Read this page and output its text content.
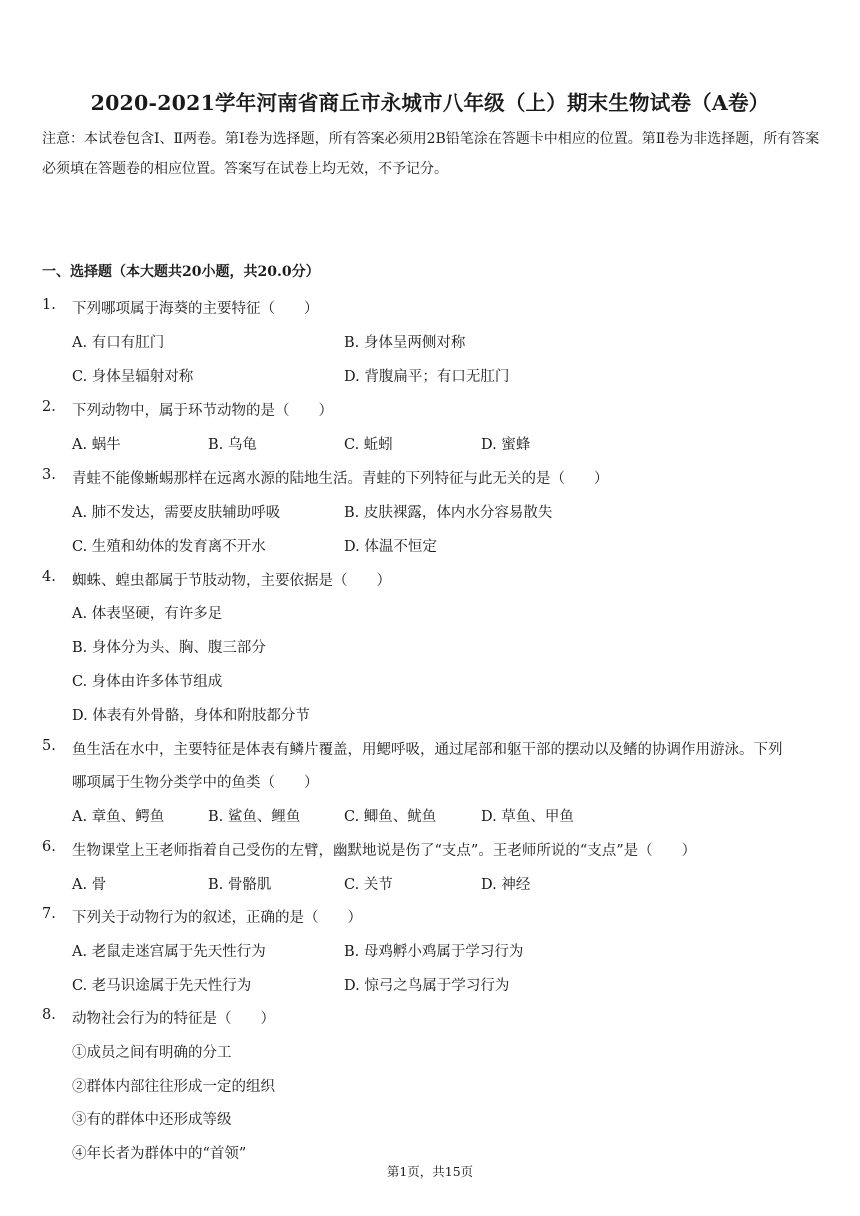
2020-2021学年河南省商丘市永城市八年级（上）期末生物试卷（A卷）
注意：本试卷包含Ⅰ、Ⅱ两卷。第Ⅰ卷为选择题，所有答案必须用2B铅笔涂在答题卡中相应的位置。第Ⅱ卷为非选择题，所有答案必须填在答题卷的相应位置。答案写在试卷上均无效，不予记分。
一、选择题（本大题共20小题，共20.0分）
1. 下列哪项属于海葵的主要特征（　　）
A. 有口有肛门	B. 身体呈两侧对称
C. 身体呈辐射对称	D. 背腹扁平；有口无肛门
2. 下列动物中，属于环节动物的是（　　）
A. 蜗牛	B. 乌龟	C. 蚯蚓	D. 蜜蜂
3. 青蛙不能像蜥蜴那样在远离水源的陆地生活。青蛙的下列特征与此无关的是（　　）
A. 肺不发达，需要皮肤辅助呼吸	B. 皮肤裸露，体内水分容易散失
C. 生殖和幼体的发育离不开水	D. 体温不恒定
4. 蜘蛛、蝗虫都属于节肢动物，主要依据是（　　）
A. 体表坚硬，有许多足
B. 身体分为头、胸、腹三部分
C. 身体由许多体节组成
D. 体表有外骨骼，身体和附肢都分节
5. 鱼生活在水中，主要特征是体表有鳞片覆盖，用鳃呼吸，通过尾部和躯干部的摆动以及鳍的协调作用游泳。下列
哪项属于生物分类学中的鱼类（　　）
A. 章鱼、鳄鱼	B. 鲨鱼、鲤鱼	C. 鲫鱼、鱿鱼	D. 草鱼、甲鱼
6. 生物课堂上王老师指着自己受伤的左臂，幽默地说是伤了“支点”。王老师所说的“支点”是（　　）
A. 骨	B. 骨骼肌	C. 关节	D. 神经
7. 下列关于动物行为的叙述，正确的是（　　）
A. 老鼠走迷宫属于先天性行为	B. 母鸡孵小鸡属于学习行为
C. 老马识途属于先天性行为	D. 惊弓之鸟属于学习行为
8. 动物社会行为的特征是（　　）
①成员之间有明确的分工
②群体内部往往形成一定的组织
③有的群体中还形成等级
④年长者为群体中的“首领”
第1页，共15页
